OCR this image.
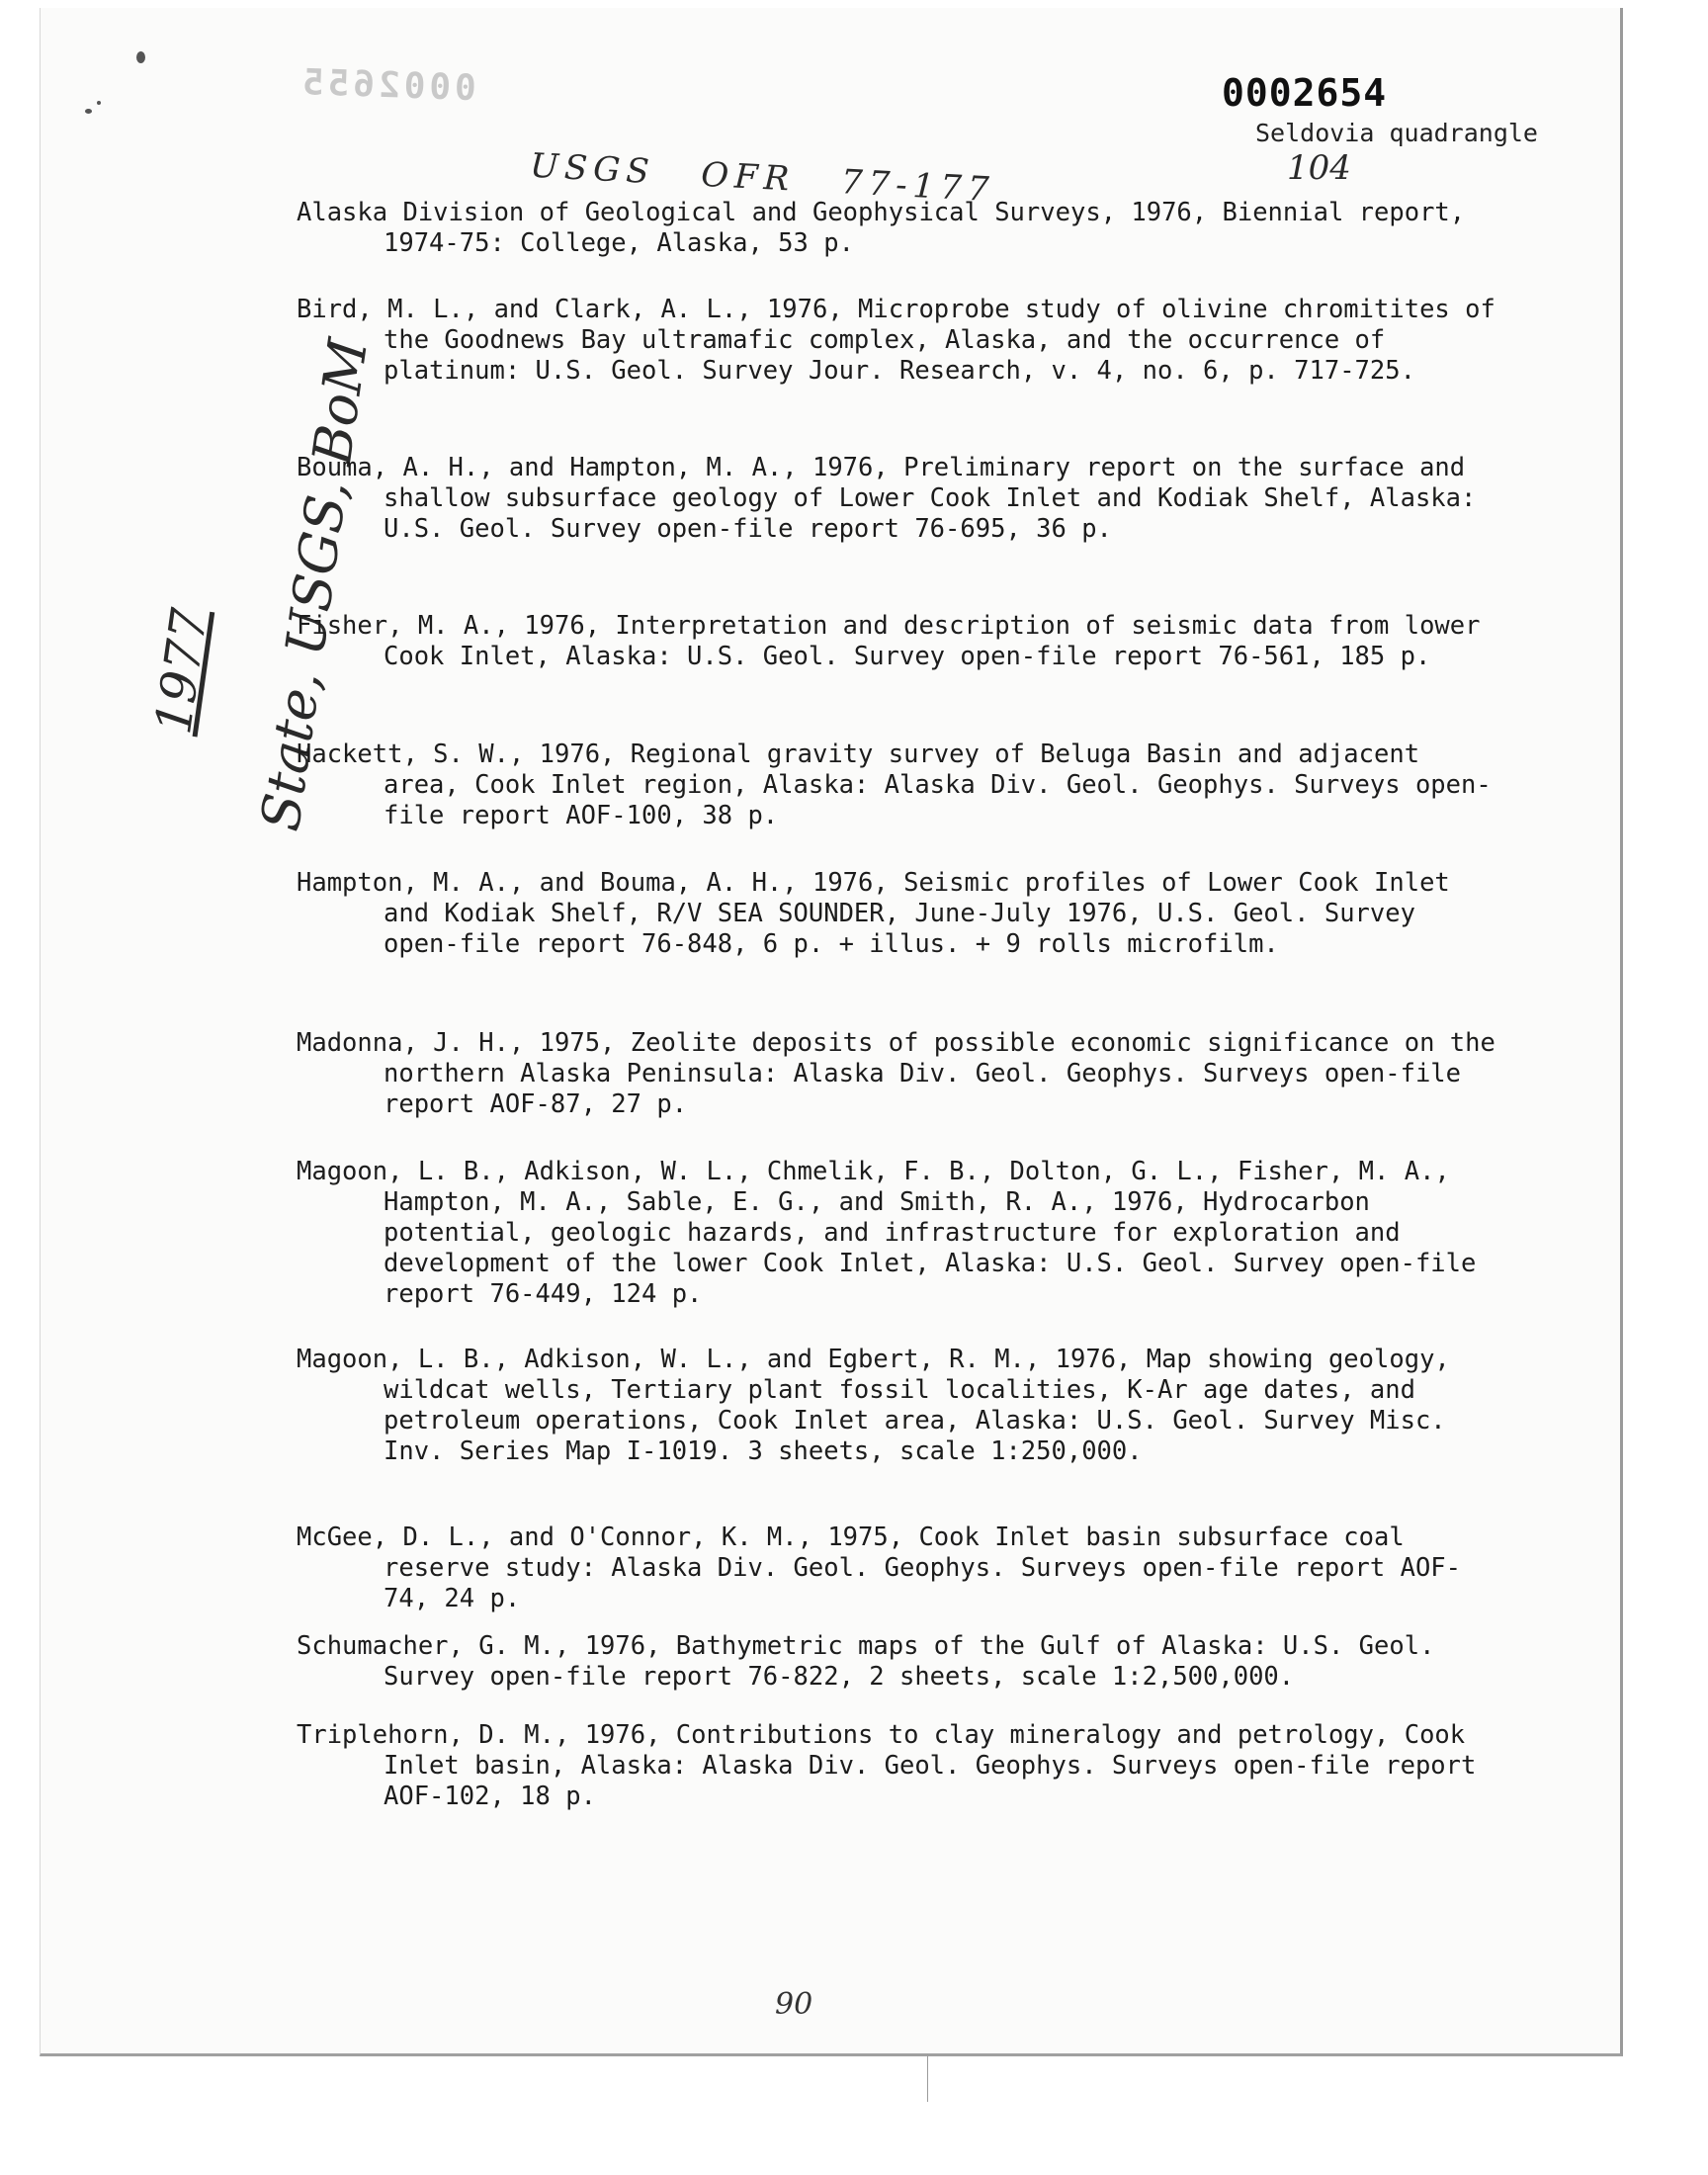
0002655	0002654
Seldovia quadrangle
USGS OFR 77-177	104
State, USGS, BoM
1977
Alaska Division of Geological and Geophysical Surveys, 1976, Biennial report, 1974-75: College, Alaska, 53 p.
Bird, M. L., and Clark, A. L., 1976, Microprobe study of olivine chromitites of the Goodnews Bay ultramafic complex, Alaska, and the occurrence of platinum: U.S. Geol. Survey Jour. Research, v. 4, no. 6, p. 717-725.
Bouma, A. H., and Hampton, M. A., 1976, Preliminary report on the surface and shallow subsurface geology of Lower Cook Inlet and Kodiak Shelf, Alaska: U.S. Geol. Survey open-file report 76-695, 36 p.
Fisher, M. A., 1976, Interpretation and description of seismic data from lower Cook Inlet, Alaska: U.S. Geol. Survey open-file report 76-561, 185 p.
Hackett, S. W., 1976, Regional gravity survey of Beluga Basin and adjacent area, Cook Inlet region, Alaska: Alaska Div. Geol. Geophys. Surveys open-file report AOF-100, 38 p.
Hampton, M. A., and Bouma, A. H., 1976, Seismic profiles of Lower Cook Inlet and Kodiak Shelf, R/V SEA SOUNDER, June-July 1976, U.S. Geol. Survey open-file report 76-848, 6 p. + illus. + 9 rolls microfilm.
Madonna, J. H., 1975, Zeolite deposits of possible economic significance on the northern Alaska Peninsula: Alaska Div. Geol. Geophys. Surveys open-file report AOF-87, 27 p.
Magoon, L. B., Adkison, W. L., Chmelik, F. B., Dolton, G. L., Fisher, M. A., Hampton, M. A., Sable, E. G., and Smith, R. A., 1976, Hydrocarbon potential, geologic hazards, and infrastructure for exploration and development of the lower Cook Inlet, Alaska: U.S. Geol. Survey open-file report 76-449, 124 p.
Magoon, L. B., Adkison, W. L., and Egbert, R. M., 1976, Map showing geology, wildcat wells, Tertiary plant fossil localities, K-Ar age dates, and petroleum operations, Cook Inlet area, Alaska: U.S. Geol. Survey Misc. Inv. Series Map I-1019. 3 sheets, scale 1:250,000.
McGee, D. L., and O'Connor, K. M., 1975, Cook Inlet basin subsurface coal reserve study: Alaska Div. Geol. Geophys. Surveys open-file report AOF-74, 24 p.
Schumacher, G. M., 1976, Bathymetric maps of the Gulf of Alaska: U.S. Geol. Survey open-file report 76-822, 2 sheets, scale 1:2,500,000.
Triplehorn, D. M., 1976, Contributions to clay mineralogy and petrology, Cook Inlet basin, Alaska: Alaska Div. Geol. Geophys. Surveys open-file report AOF-102, 18 p.
90
